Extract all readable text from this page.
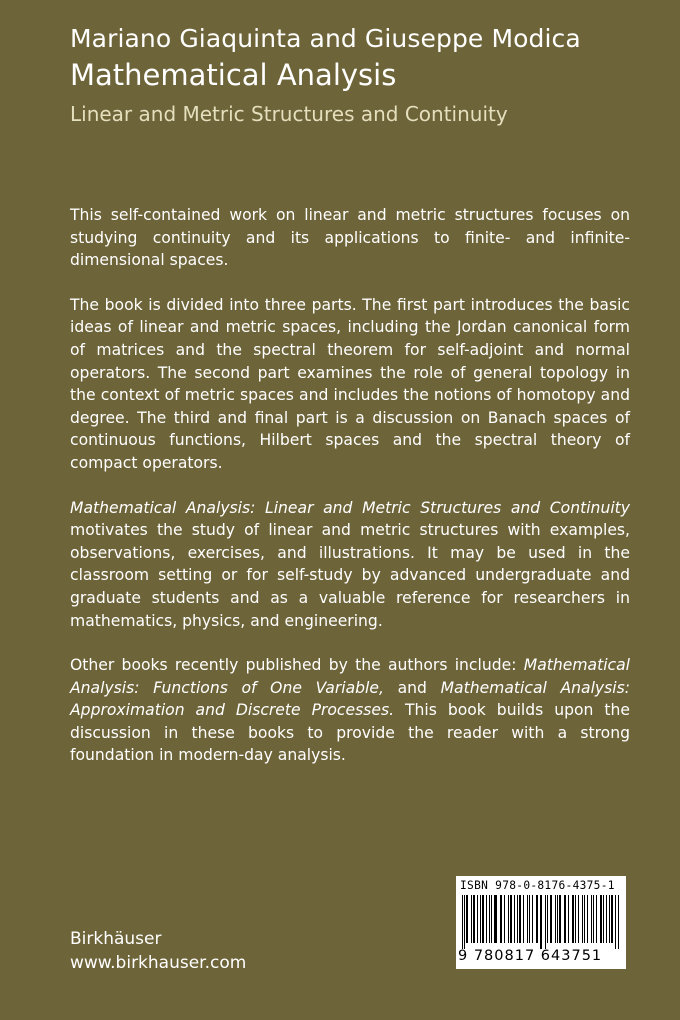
Mariano Giaquinta and Giuseppe Modica
Mathematical Analysis
Linear and Metric Structures and Continuity

This self-contained work on linear and metric structures focuses on studying continuity and its applications to finite- and infinite-dimensional spaces.

The book is divided into three parts. The first part introduces the basic ideas of linear and metric spaces, including the Jordan canonical form of matrices and the spectral theorem for self-adjoint and normal operators. The second part examines the role of general topology in the context of metric spaces and includes the notions of homotopy and degree. The third and final part is a discussion on Banach spaces of continuous functions, Hilbert spaces and the spectral theory of compact operators.

Mathematical Analysis: Linear and Metric Structures and Continuity motivates the study of linear and metric structures with examples, observations, exercises, and illustrations. It may be used in the classroom setting or for self-study by advanced undergraduate and graduate students and as a valuable reference for researchers in mathematics, physics, and engineering.

Other books recently published by the authors include: Mathematical Analysis: Functions of One Variable, and Mathematical Analysis: Approximation and Discrete Processes. This book builds upon the discussion in these books to provide the reader with a strong foundation in modern-day analysis.

Birkhäuser
www.birkhauser.com
ISBN 978-0-8176-4375-1
9 780817 643751
